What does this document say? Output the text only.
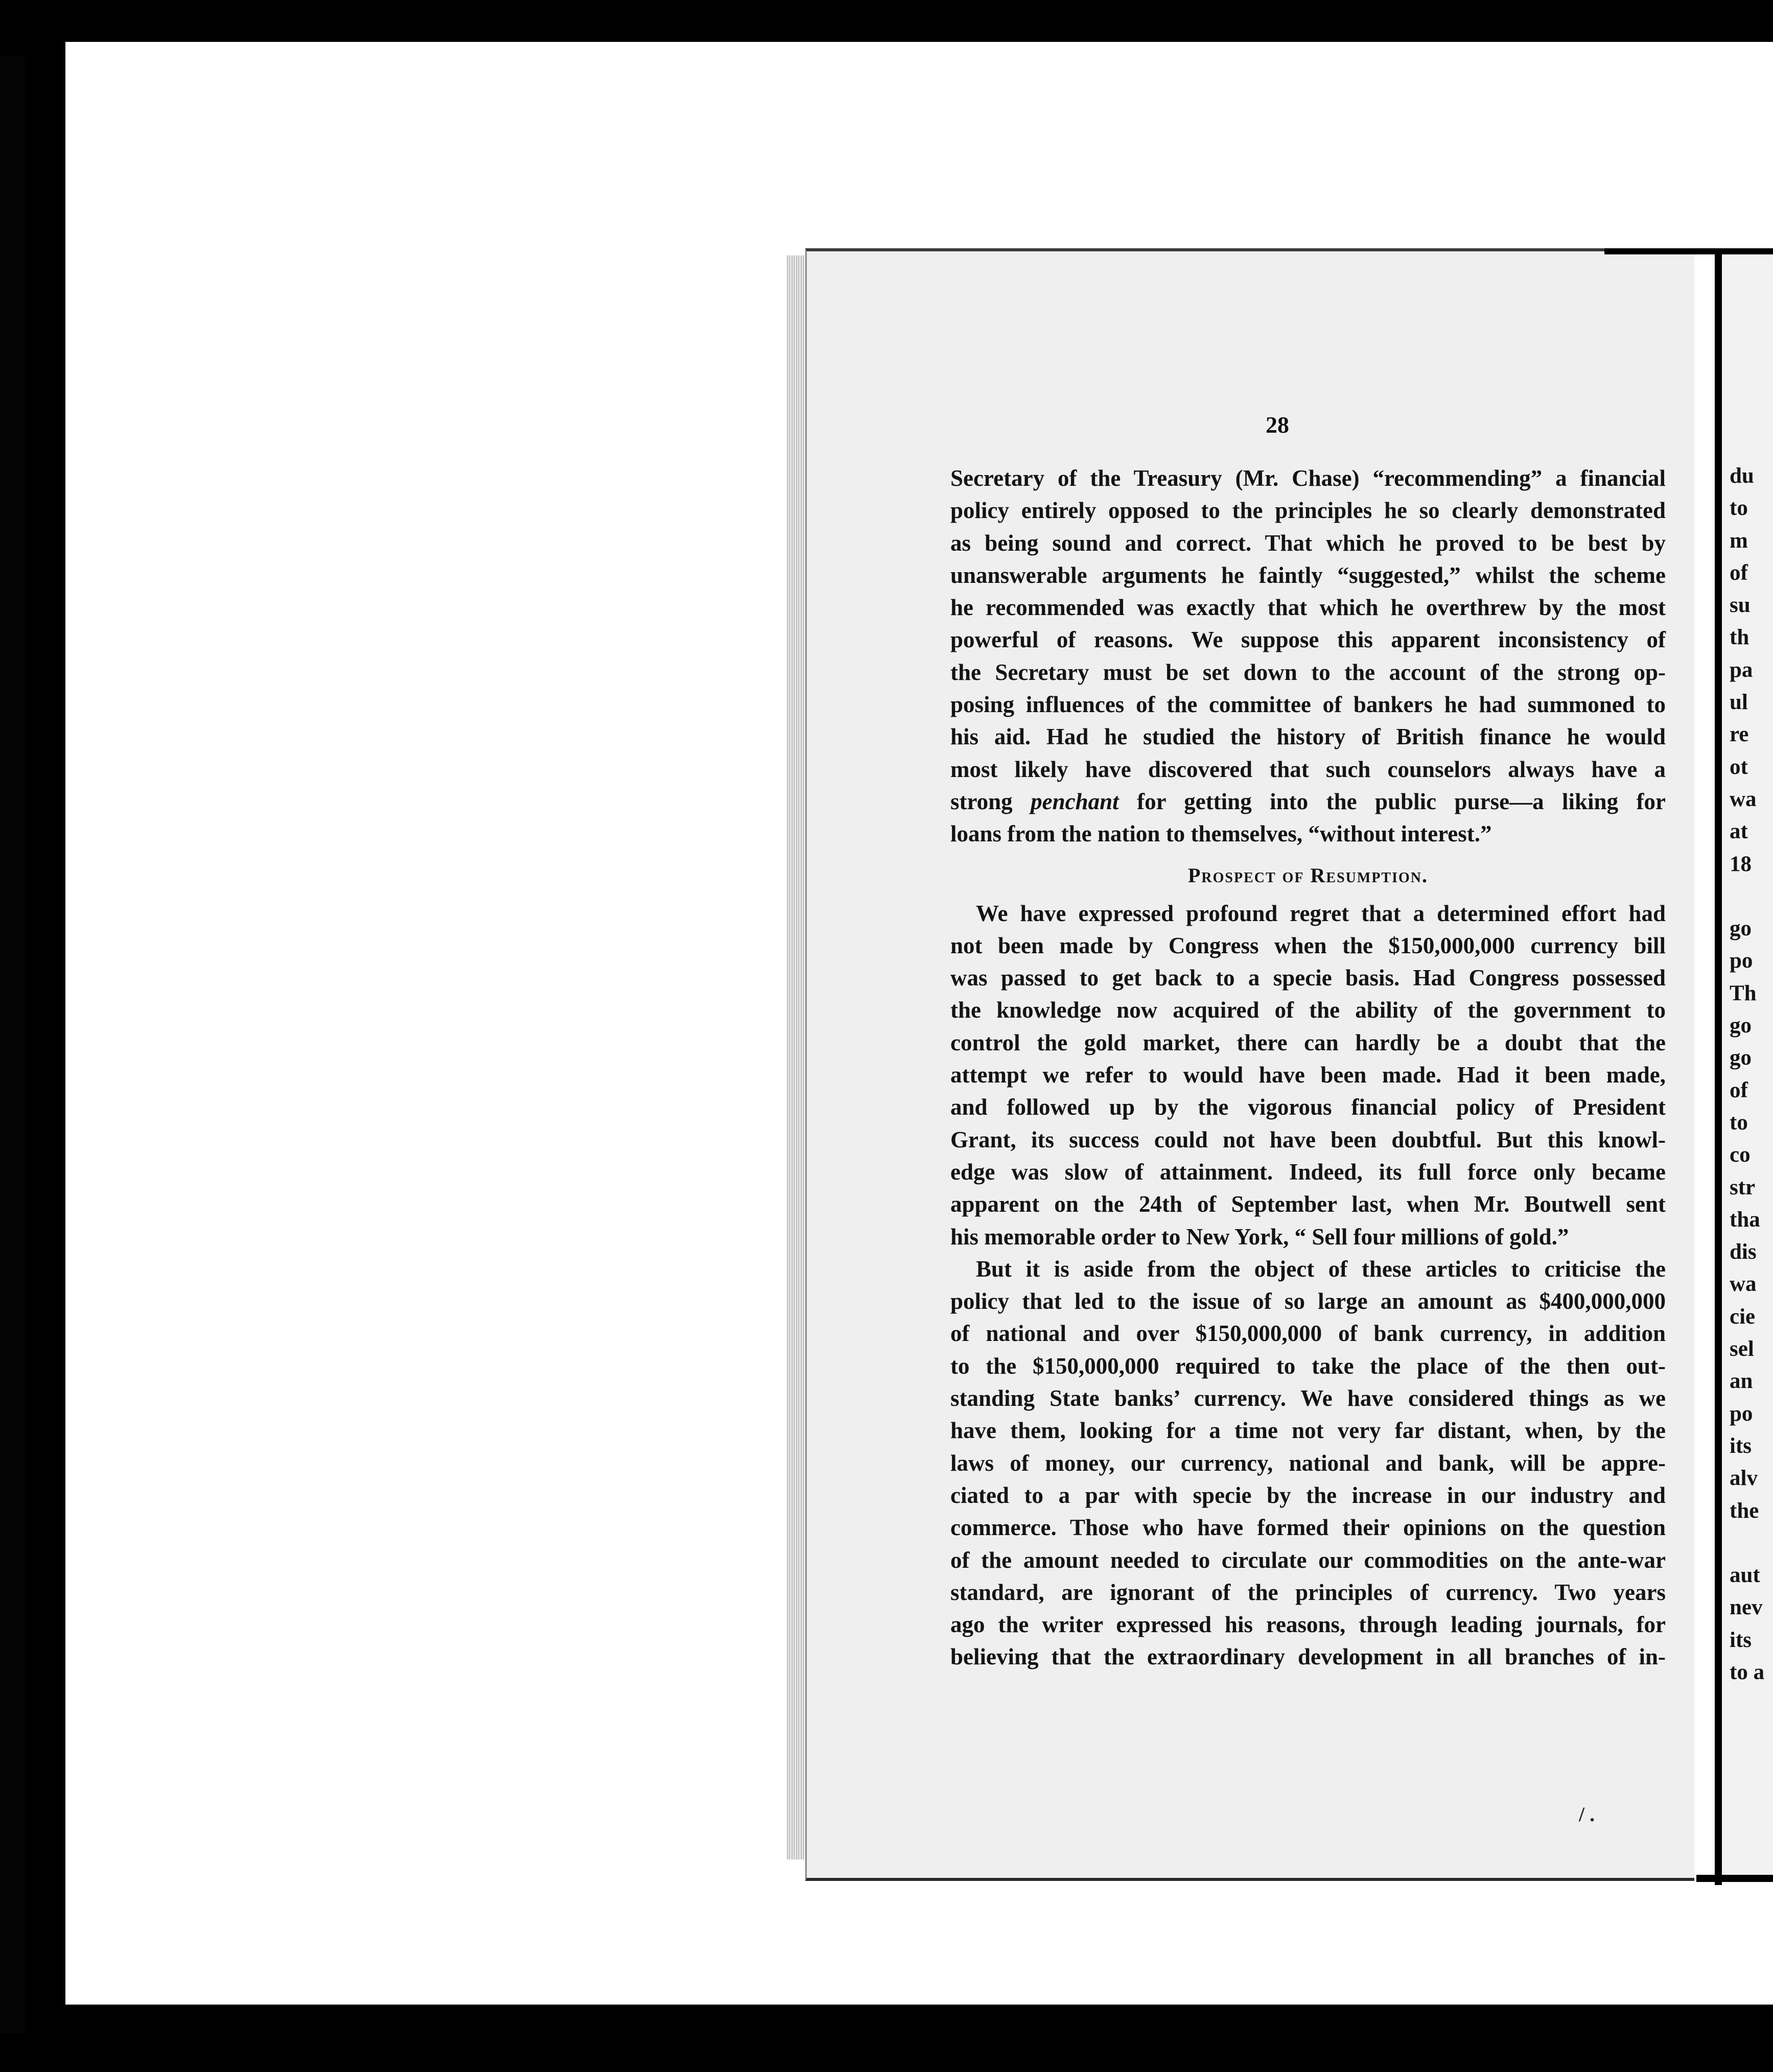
28
Secretary of the Treasury (Mr. Chase) “recommending” a financial
policy entirely opposed to the principles he so clearly demonstrated
as being sound and correct. That which he proved to be best by
unanswerable arguments he faintly “suggested,” whilst the scheme
he recommended was exactly that which he overthrew by the most
powerful of reasons. We suppose this apparent inconsistency of
the Secretary must be set down to the account of the strong op-
posing influences of the committee of bankers he had summoned to
his aid. Had he studied the history of British finance he would
most likely have discovered that such counselors always have a
strong penchant for getting into the public purse—a liking for
loans from the nation to themselves, “without interest.”
Prospect of Resumption.
We have expressed profound regret that a determined effort had
not been made by Congress when the $150,000,000 currency bill
was passed to get back to a specie basis. Had Congress possessed
the knowledge now acquired of the ability of the government to
control the gold market, there can hardly be a doubt that the
attempt we refer to would have been made. Had it been made,
and followed up by the vigorous financial policy of President
Grant, its success could not have been doubtful. But this knowl-
edge was slow of attainment. Indeed, its full force only became
apparent on the 24th of September last, when Mr. Boutwell sent
his memorable order to New York, “ Sell four millions of gold.”
But it is aside from the object of these articles to criticise the
policy that led to the issue of so large an amount as $400,000,000
of national and over $150,000,000 of bank currency, in addition
to the $150,000,000 required to take the place of the then out-
standing State banks’ currency. We have considered things as we
have them, looking for a time not very far distant, when, by the
laws of money, our currency, national and bank, will be appre-
ciated to a par with specie by the increase in our industry and
commerce. Those who have formed their opinions on the question
of the amount needed to circulate our commodities on the ante-war
standard, are ignorant of the principles of currency. Two years
ago the writer expressed his reasons, through leading journals, for
believing that the extraordinary development in all branches of in-
du
to
m
of
su
th
pa
ul
re
ot
wa
at
18
go
po
Th
go
go
of
to
co
str
tha
dis
wa
cie
sel
an
po
its
alv
the
aut
nev
its
to a
/ .
